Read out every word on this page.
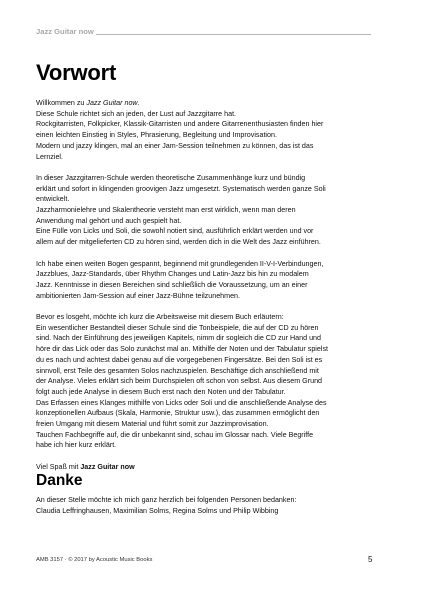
Jazz Guitar now
Vorwort

Willkommen zu Jazz Guitar now.
Diese Schule richtet sich an jeden, der Lust auf Jazzgitarre hat.
Rockgitarristen, Folkpicker, Klassik-Gitarristen und andere Gitarrenenthusiasten finden hier
einen leichten Einstieg in Styles, Phrasierung, Begleitung und Improvisation.
Modern und jazzy klingen, mal an einer Jam-Session teilnehmen zu können, das ist das
Lernziel.

In dieser Jazzgitarren-Schule werden theoretische Zusammenhänge kurz und bündig
erklärt und sofort in klingenden groovigen Jazz umgesetzt. Systematisch werden ganze Soli
entwickelt.
Jazzharmonielehre und Skalentheorie versteht man erst wirklich, wenn man deren
Anwendung mal gehört und auch gespielt hat.
Eine Fülle von Licks und Soli, die sowohl notiert sind, ausführlich erklärt werden und vor
allem auf der mitgelieferten CD zu hören sind, werden dich in die Welt des Jazz einführen.

Ich habe einen weiten Bogen gespannt, beginnend mit grundlegenden II-V-I-Verbindungen,
Jazzblues, Jazz-Standards, über Rhythm Changes und Latin-Jazz bis hin zu modalem
Jazz. Kenntnisse in diesen Bereichen sind schließlich die Voraussetzung, um an einer
ambitionierten Jam-Session auf einer Jazz-Bühne teilzunehmen.

Bevor es losgeht, möchte ich kurz die Arbeitsweise mit diesem Buch erläutern:
Ein wesentlicher Bestandteil dieser Schule sind die Tonbeispiele, die auf der CD zu hören
sind. Nach der Einführung des jeweiligen Kapitels, nimm dir sogleich die CD zur Hand und
höre dir das Lick oder das Solo zunächst mal an. Mithilfe der Noten und der Tabulatur spielst
du es nach und achtest dabei genau auf die vorgegebenen Fingersätze. Bei den Soli ist es
sinnvoll, erst Teile des gesamten Solos nachzuspielen. Beschäftige dich anschließend mit
der Analyse. Vieles erklärt sich beim Durchspielen oft schon von selbst. Aus diesem Grund
folgt auch jede Analyse in diesem Buch erst nach den Noten und der Tabulatur.
Das Erfassen eines Klanges mithilfe von Licks oder Soli und die anschließende Analyse des
konzeptionellen Aufbaus (Skala, Harmonie, Struktur usw.), das zusammen ermöglicht den
freien Umgang mit diesem Material und führt somit zur Jazzimprovisation.
Tauchen Fachbegriffe auf, die dir unbekannt sind, schau im Glossar nach. Viele Begriffe
habe ich hier kurz erklärt.

Viel Spaß mit Jazz Guitar now

Danke
An dieser Stelle möchte ich mich ganz herzlich bei folgenden Personen bedanken:
Claudia Leffringhausen, Maximilian Solms, Regina Solms und Philip Wibbing
AMB 3157 · © 2017 by Acoustic Music Books	5
